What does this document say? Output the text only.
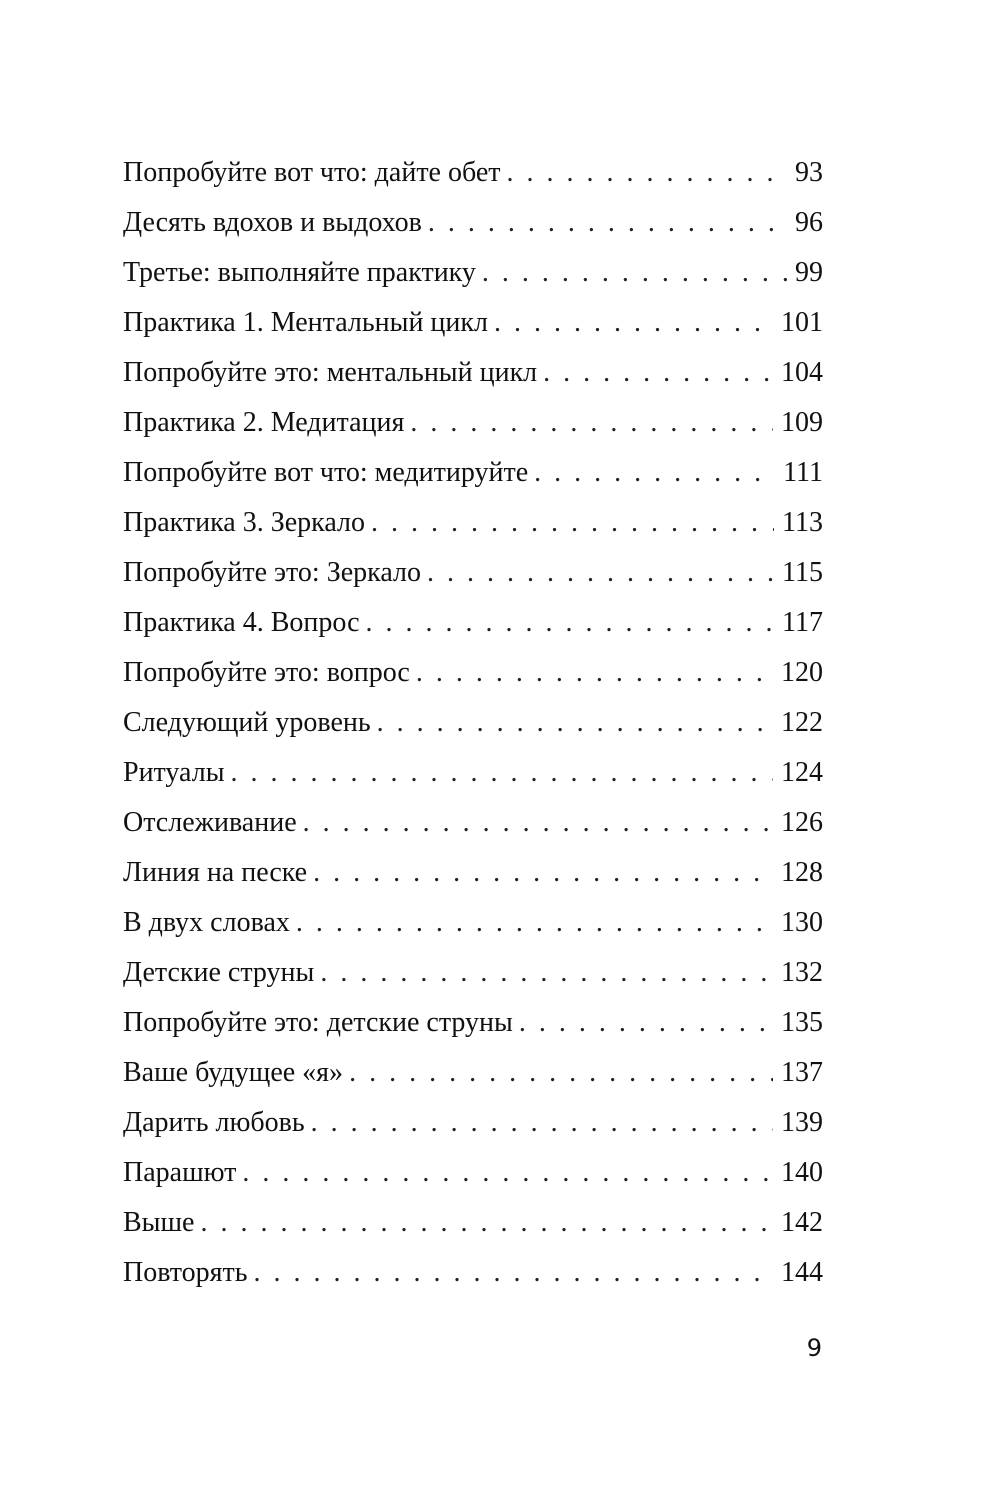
Попробуйте вот что: дайте обет . . .	93
Десять вдохов и выдохов . . .	96
Третье: выполняйте практику . . .	99
Практика 1. Ментальный цикл . . .	101
Попробуйте это: ментальный цикл . . .	104
Практика 2. Медитация . . .	109
Попробуйте вот что: медитируйте . . .	111
Практика 3. Зеркало . . .	113
Попробуйте это: Зеркало . . .	115
Практика 4. Вопрос . . .	117
Попробуйте это: вопрос . . .	120
Следующий уровень . . .	122
Ритуалы . . .	124
Отслеживание . . .	126
Линия на песке . . .	128
В двух словах . . .	130
Детские струны . . .	132
Попробуйте это: детские струны . . .	135
Ваше будущее «я» . . .	137
Дарить любовь . . .	139
Парашют . . .	140
Выше . . .	142
Повторять . . .	144
9
